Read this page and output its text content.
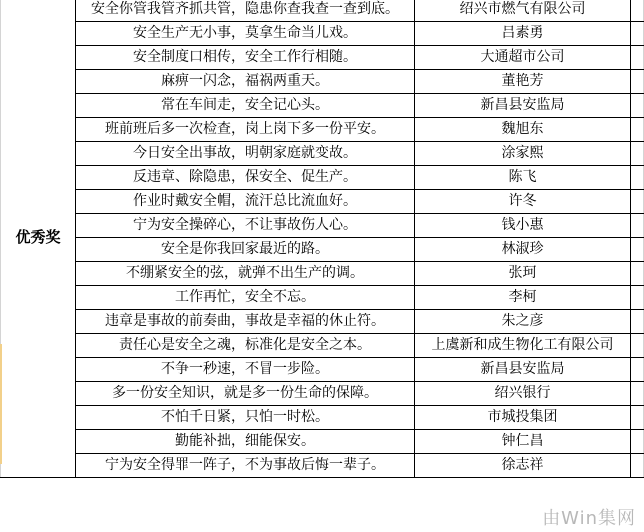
优秀奖	安全你管我管齐抓共管，隐患你查我查一查到底。	绍兴市燃气有限公司	
	安全生产无小事，莫拿生命当儿戏。	吕素勇	
	安全制度口相传，安全工作行相随。	大通超市公司	
	麻痹一闪念，福祸两重天。	董艳芳	
	常在车间走，安全记心头。	新昌县安监局	
	班前班后多一次检查，岗上岗下多一份平安。	魏旭东	
	今日安全出事故，明朝家庭就变故。	涂家熙	
	反违章、除隐患，保安全、促生产。	陈飞	
	作业时戴安全帽，流汗总比流血好。	许冬	
	宁为安全操碎心，不让事故伤人心。	钱小惠	
	安全是你我回家最近的路。	林淑珍	
	不绷紧安全的弦，就弹不出生产的调。	张珂	
	工作再忙，安全不忘。	李柯	
	违章是事故的前奏曲，事故是幸福的休止符。	朱之彦	
	责任心是安全之魂，标准化是安全之本。	上虞新和成生物化工有限公司	
	不争一秒速，不冒一步险。	新昌县安监局	
	多一份安全知识，就是多一份生命的保障。	绍兴银行	
	不怕千日紧，只怕一时松。	市城投集团	
	勤能补拙，细能保安。	钟仁昌	
	宁为安全得罪一阵子，不为事故后悔一辈子。	徐志祥	
由Win集网
